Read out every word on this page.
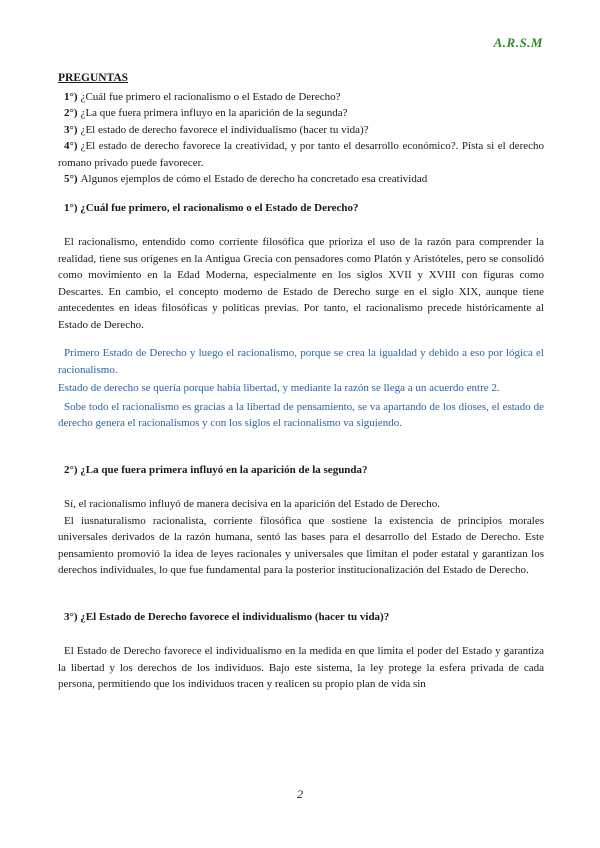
A.R.S.M

PREGUNTAS

1°) ¿Cuál fue primero el racionalismo o el Estado de Derecho?

2°) ¿La que fuera primera influyo en la aparición de la segunda?

3°) ¿El estado de derecho favorece el individualismo (hacer tu vida)?

4°) ¿El estado de derecho favorece la creatividad, y por tanto el desarrollo económico?. Pista si el derecho romano privado puede favorecer.

5°) Algunos ejemplos de cómo el Estado de derecho ha concretado esa creatividad

1°) ¿Cuál fue primero, el racionalismo o el Estado de Derecho?

El racionalismo, entendido como corriente filosófica que prioriza el uso de la razón para comprender la realidad, tiene sus orígenes en la Antigua Grecia con pensadores como Platón y Aristóteles, pero se consolidó como movimiento en la Edad Moderna, especialmente en los siglos XVII y XVIII con figuras como Descartes. En cambio, el concepto moderno de Estado de Derecho surge en el siglo XIX, aunque tiene antecedentes en ideas filosóficas y políticas previas. Por tanto, el racionalismo precede históricamente al Estado de Derecho.

Primero Estado de Derecho y luego el racionalismo, porque se crea la igualdad y debido a eso por lógica el racionalismo.

Estado de derecho se quería porque había libertad, y mediante la razón se llega a un acuerdo entre 2.

Sobe todo el racionalismo es gracias a la libertad de pensamiento, se va apartando de los dioses, el estado de derecho genera el racionalismos y con los siglos el racionalismo va siguiendo.

2°) ¿La que fuera primera influyó en la aparición de la segunda?

Sí, el racionalismo influyó de manera decisiva en la aparición del Estado de Derecho.

El iusnaturalismo racionalista, corriente filosófica que sostiene la existencia de principios morales universales derivados de la razón humana, sentó las bases para el desarrollo del Estado de Derecho. Este pensamiento promovió la idea de leyes racionales y universales que limitan el poder estatal y garantizan los derechos individuales, lo que fue fundamental para la posterior institucionalización del Estado de Derecho.

3°) ¿El Estado de Derecho favorece el individualismo (hacer tu vida)?

El Estado de Derecho favorece el individualismo en la medida en que limita el poder del Estado y garantiza la libertad y los derechos de los individuos. Bajo este sistema, la ley protege la esfera privada de cada persona, permitiendo que los individuos tracen y realicen su propio plan de vida sin

2
